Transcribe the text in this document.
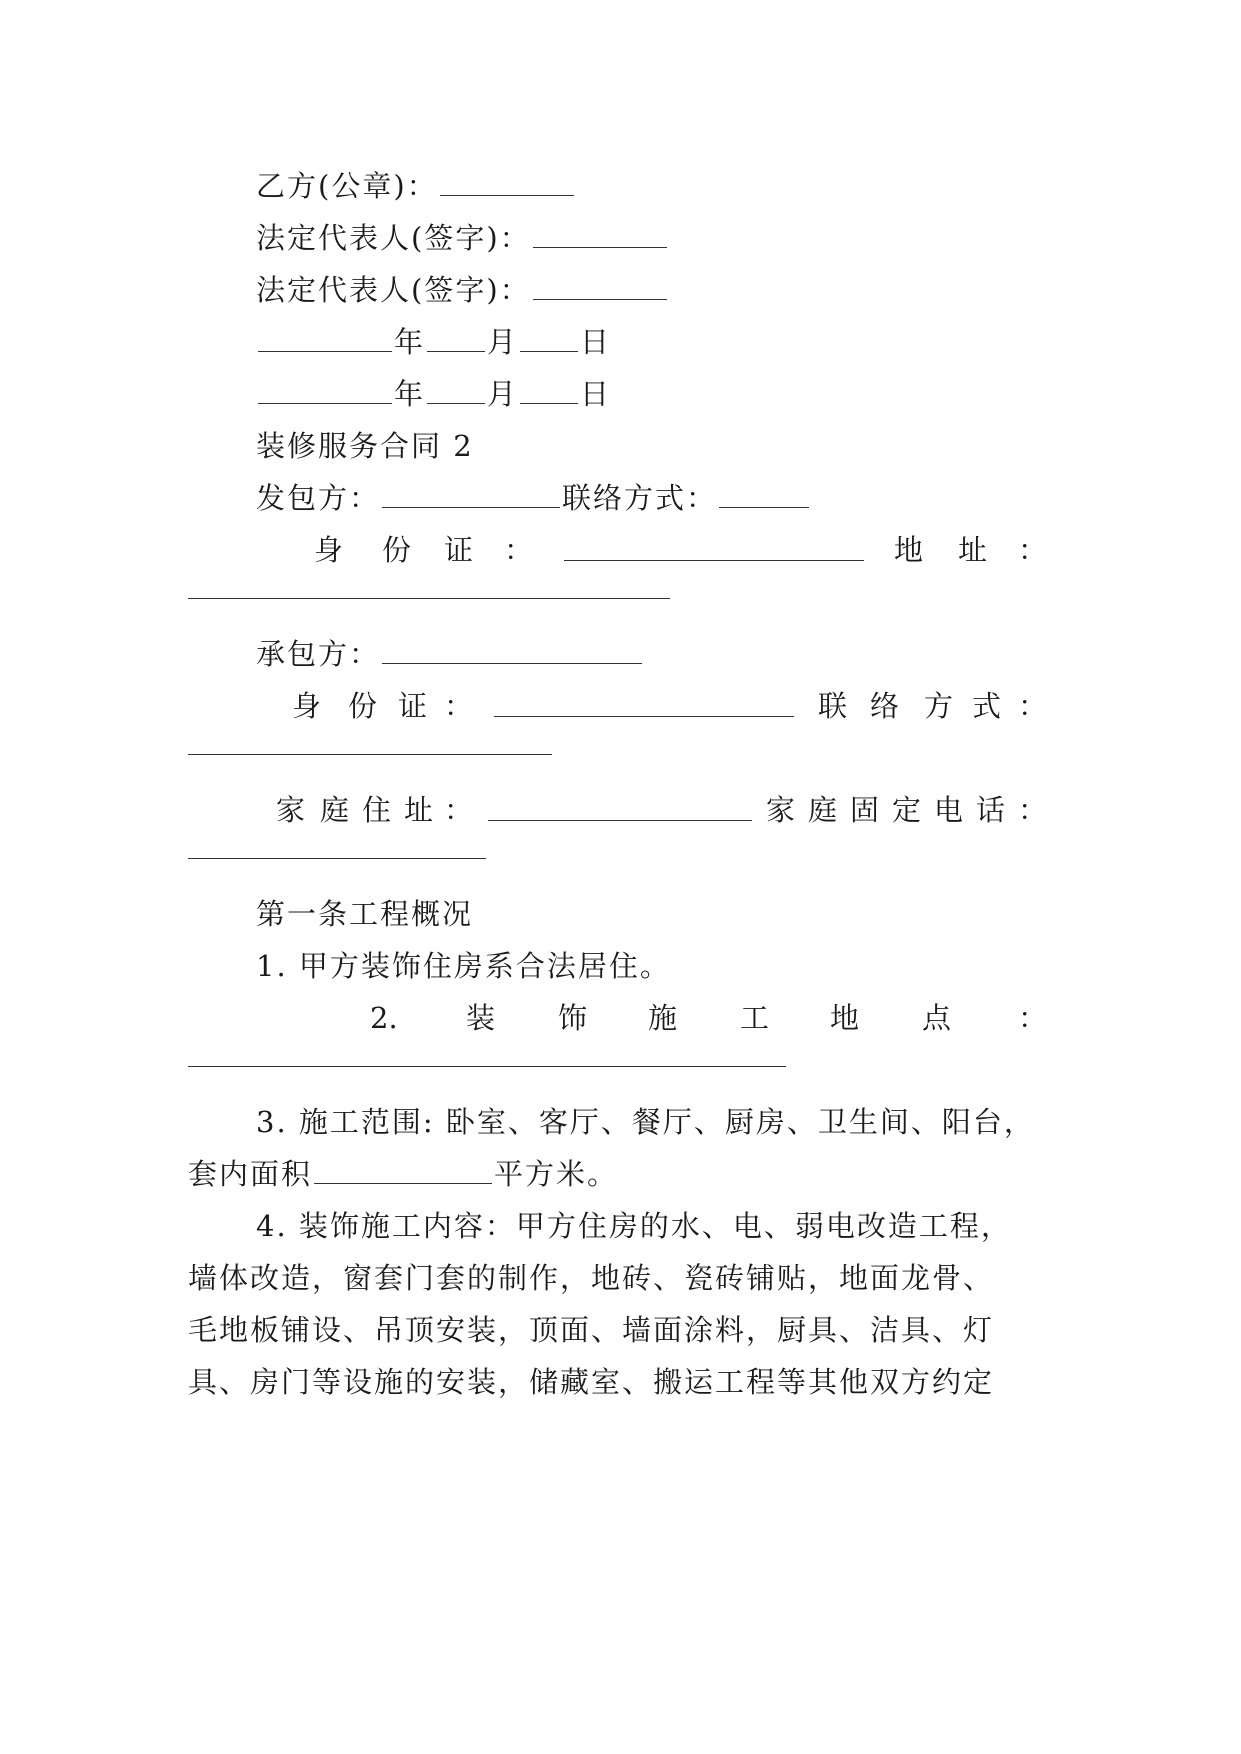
乙方(公章)：
法定代表人(签字)：
法定代表人(签字)：
年 月 日
年 月 日
装修服务合同 2
发包方：	联络方式：
身 份 证 ：	地 址 ：
承包方：
身 份 证 ：	联 络 方 式 ：
家 庭 住 址 ：	家 庭 固 定 电 话 ：
第一条工程概况
1. 甲方装饰住房系合法居住。
2. 装 饰 施 工 地 点 ：
3. 施工范围: 卧室、客厅、餐厅、厨房、卫生间、阳台，
套内面积	平方米。
4. 装饰施工内容：甲方住房的水、电、弱电改造工程，
墙体改造，窗套门套的制作，地砖、瓷砖铺贴，地面龙骨、
毛地板铺设、吊顶安装，顶面、墙面涂料，厨具、洁具、灯
具、房门等设施的安装，储藏室、搬运工程等其他双方约定
